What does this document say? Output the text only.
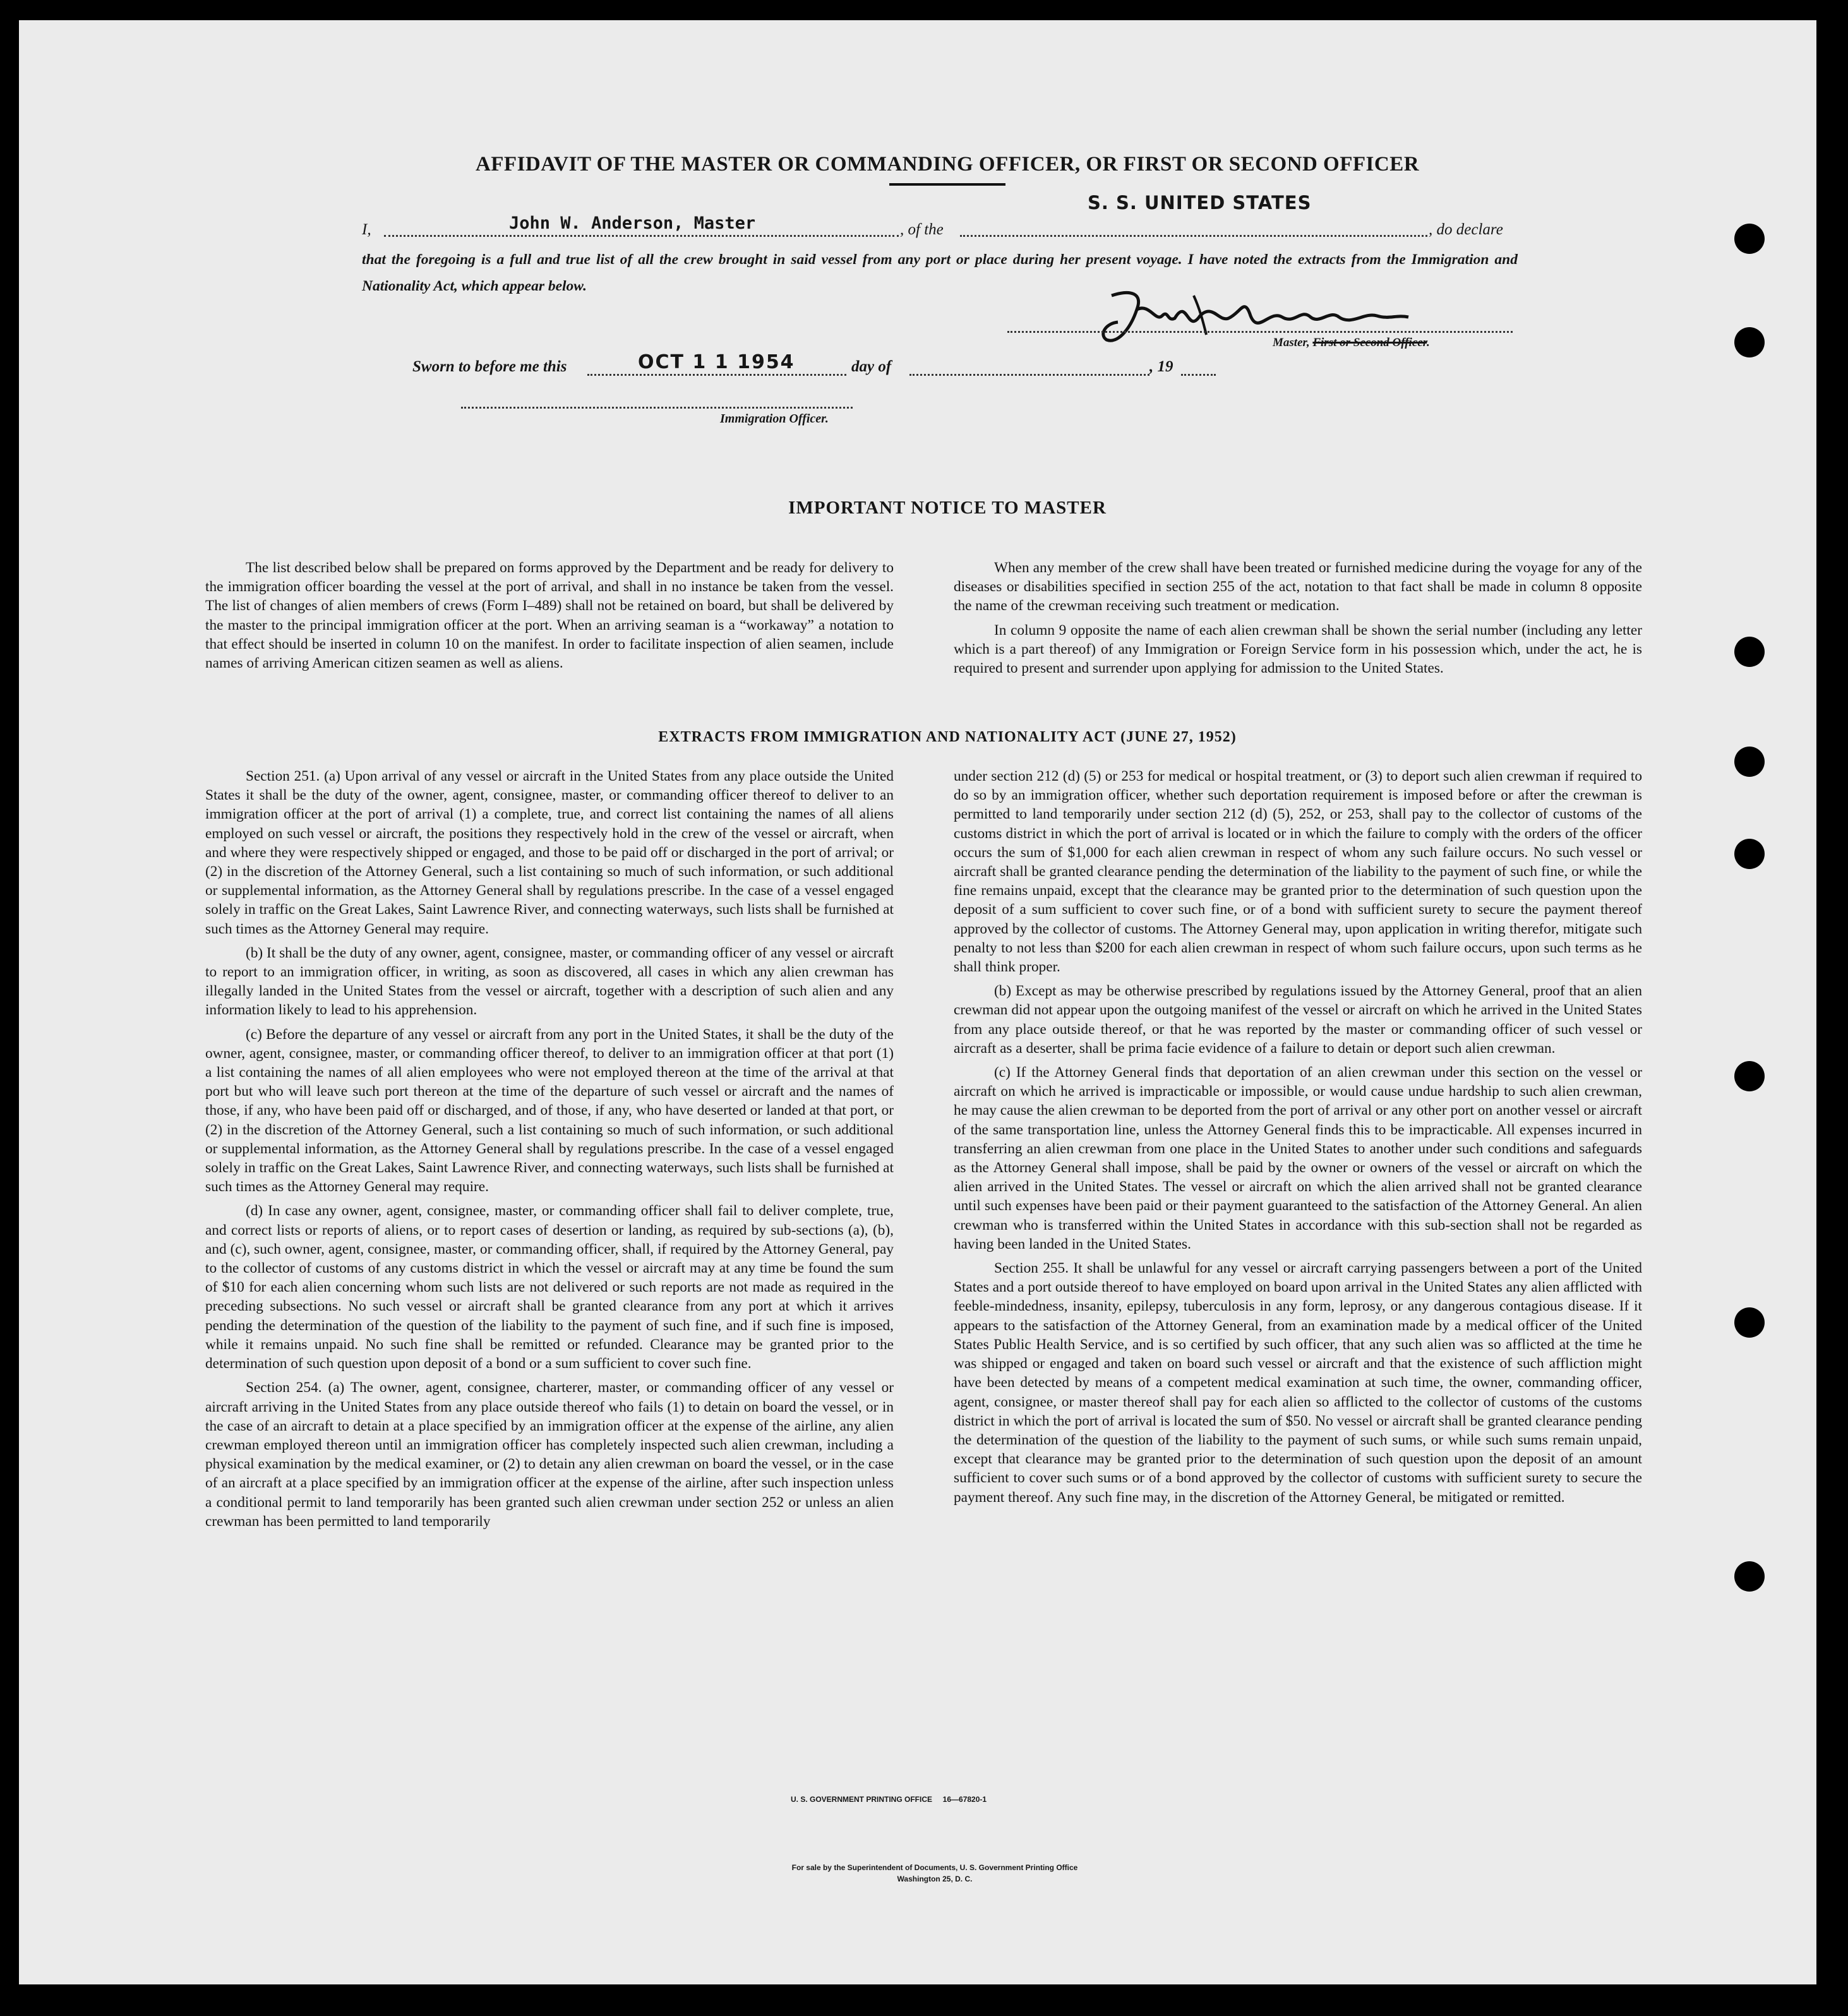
AFFIDAVIT OF THE MASTER OR COMMANDING OFFICER, OR FIRST OR SECOND OFFICER
I,	John W. Anderson, Master	, of the
S. S. UNITED STATES
, do declare
that the foregoing is a full and true list of all the crew brought in said vessel from any port or place during her present voyage. I have noted the extracts from the Immigration and Nationality Act, which appear below.
Master, First or Second Officer.
Sworn to before me this	OCT 1 1 1954	day of	, 19
Immigration Officer.
IMPORTANT NOTICE TO MASTER

The list described below shall be prepared on forms approved by the Department and be ready for delivery to the immigration officer boarding the vessel at the port of arrival, and shall in no instance be taken from the vessel. The list of changes of alien members of crews (Form I–489) shall not be retained on board, but shall be delivered by the master to the principal immigration officer at the port. When an arriving seaman is a “workaway” a notation to that effect should be inserted in column 10 on the manifest. In order to facilitate inspection of alien seamen, include names of arriving American citizen seamen as well as aliens.

When any member of the crew shall have been treated or furnished medicine during the voyage for any of the diseases or disabilities specified in section 255 of the act, notation to that fact shall be made in column 8 opposite the name of the crewman receiving such treatment or medication.

In column 9 opposite the name of each alien crewman shall be shown the serial number (including any letter which is a part thereof) of any Immigration or Foreign Service form in his possession which, under the act, he is required to present and surrender upon applying for admission to the United States.

EXTRACTS FROM IMMIGRATION AND NATIONALITY ACT (JUNE 27, 1952)

Section 251. (a) Upon arrival of any vessel or aircraft in the United States from any place outside the United States it shall be the duty of the owner, agent, consignee, master, or commanding officer thereof to deliver to an immigration officer at the port of arrival (1) a complete, true, and correct list containing the names of all aliens employed on such vessel or aircraft, the positions they respectively hold in the crew of the vessel or aircraft, when and where they were respectively shipped or engaged, and those to be paid off or discharged in the port of arrival; or (2) in the discretion of the Attorney General, such a list containing so much of such information, or such additional or supplemental information, as the Attorney General shall by regulations prescribe. In the case of a vessel engaged solely in traffic on the Great Lakes, Saint Lawrence River, and connecting waterways, such lists shall be furnished at such times as the Attorney General may require.

(b) It shall be the duty of any owner, agent, consignee, master, or commanding officer of any vessel or aircraft to report to an immigration officer, in writing, as soon as discovered, all cases in which any alien crewman has illegally landed in the United States from the vessel or aircraft, together with a description of such alien and any information likely to lead to his apprehension.

(c) Before the departure of any vessel or aircraft from any port in the United States, it shall be the duty of the owner, agent, consignee, master, or commanding officer thereof, to deliver to an immigration officer at that port (1) a list containing the names of all alien employees who were not employed thereon at the time of the arrival at that port but who will leave such port thereon at the time of the departure of such vessel or aircraft and the names of those, if any, who have been paid off or discharged, and of those, if any, who have deserted or landed at that port, or (2) in the discretion of the Attorney General, such a list containing so much of such information, or such additional or supplemental information, as the Attorney General shall by regulations prescribe. In the case of a vessel engaged solely in traffic on the Great Lakes, Saint Lawrence River, and connecting waterways, such lists shall be furnished at such times as the Attorney General may require.

(d) In case any owner, agent, consignee, master, or commanding officer shall fail to deliver complete, true, and correct lists or reports of aliens, or to report cases of desertion or landing, as required by sub-sections (a), (b), and (c), such owner, agent, consignee, master, or commanding officer, shall, if required by the Attorney General, pay to the collector of customs of any customs district in which the vessel or aircraft may at any time be found the sum of $10 for each alien concerning whom such lists are not delivered or such reports are not made as required in the preceding subsections. No such vessel or aircraft shall be granted clearance from any port at which it arrives pending the determination of the question of the liability to the payment of such fine, and if such fine is imposed, while it remains unpaid. No such fine shall be remitted or refunded. Clearance may be granted prior to the determination of such question upon deposit of a bond or a sum sufficient to cover such fine.

Section 254. (a) The owner, agent, consignee, charterer, master, or commanding officer of any vessel or aircraft arriving in the United States from any place outside thereof who fails (1) to detain on board the vessel, or in the case of an aircraft to detain at a place specified by an immigration officer at the expense of the airline, any alien crewman employed thereon until an immigration officer has completely inspected such alien crewman, including a physical examination by the medical examiner, or (2) to detain any alien crewman on board the vessel, or in the case of an aircraft at a place specified by an immigration officer at the expense of the airline, after such inspection unless a conditional permit to land temporarily has been granted such alien crewman under section 252 or unless an alien crewman has been permitted to land temporarily

under section 212 (d) (5) or 253 for medical or hospital treatment, or (3) to deport such alien crewman if required to do so by an immigration officer, whether such deportation requirement is imposed before or after the crewman is permitted to land temporarily under section 212 (d) (5), 252, or 253, shall pay to the collector of customs of the customs district in which the port of arrival is located or in which the failure to comply with the orders of the officer occurs the sum of $1,000 for each alien crewman in respect of whom any such failure occurs. No such vessel or aircraft shall be granted clearance pending the determination of the liability to the payment of such fine, or while the fine remains unpaid, except that the clearance may be granted prior to the determination of such question upon the deposit of a sum sufficient to cover such fine, or of a bond with sufficient surety to secure the payment thereof approved by the collector of customs. The Attorney General may, upon application in writing therefor, mitigate such penalty to not less than $200 for each alien crewman in respect of whom such failure occurs, upon such terms as he shall think proper.

(b) Except as may be otherwise prescribed by regulations issued by the Attorney General, proof that an alien crewman did not appear upon the outgoing manifest of the vessel or aircraft on which he arrived in the United States from any place outside thereof, or that he was reported by the master or commanding officer of such vessel or aircraft as a deserter, shall be prima facie evidence of a failure to detain or deport such alien crewman.

(c) If the Attorney General finds that deportation of an alien crewman under this section on the vessel or aircraft on which he arrived is impracticable or impossible, or would cause undue hardship to such alien crewman, he may cause the alien crewman to be deported from the port of arrival or any other port on another vessel or aircraft of the same transportation line, unless the Attorney General finds this to be impracticable. All expenses incurred in transferring an alien crewman from one place in the United States to another under such conditions and safeguards as the Attorney General shall impose, shall be paid by the owner or owners of the vessel or aircraft on which the alien arrived in the United States. The vessel or aircraft on which the alien arrived shall not be granted clearance until such expenses have been paid or their payment guaranteed to the satisfaction of the Attorney General. An alien crewman who is transferred within the United States in accordance with this sub-section shall not be regarded as having been landed in the United States.

Section 255. It shall be unlawful for any vessel or aircraft carrying passengers between a port of the United States and a port outside thereof to have employed on board upon arrival in the United States any alien afflicted with feeble-mindedness, insanity, epilepsy, tuberculosis in any form, leprosy, or any dangerous contagious disease. If it appears to the satisfaction of the Attorney General, from an examination made by a medical officer of the United States Public Health Service, and is so certified by such officer, that any such alien was so afflicted at the time he was shipped or engaged and taken on board such vessel or aircraft and that the existence of such affliction might have been detected by means of a competent medical examination at such time, the owner, commanding officer, agent, consignee, or master thereof shall pay for each alien so afflicted to the collector of customs of the customs district in which the port of arrival is located the sum of $50. No vessel or aircraft shall be granted clearance pending the determination of the question of the liability to the payment of such sums, or while such sums remain unpaid, except that clearance may be granted prior to the determination of such question upon the deposit of an amount sufficient to cover such sums or of a bond approved by the collector of customs with sufficient surety to secure the payment thereof. Any such fine may, in the discretion of the Attorney General, be mitigated or remitted.

U. S. GOVERNMENT PRINTING OFFICE     16—67820-1
For sale by the Superintendent of Documents, U. S. Government Printing Office
Washington 25, D. C.
